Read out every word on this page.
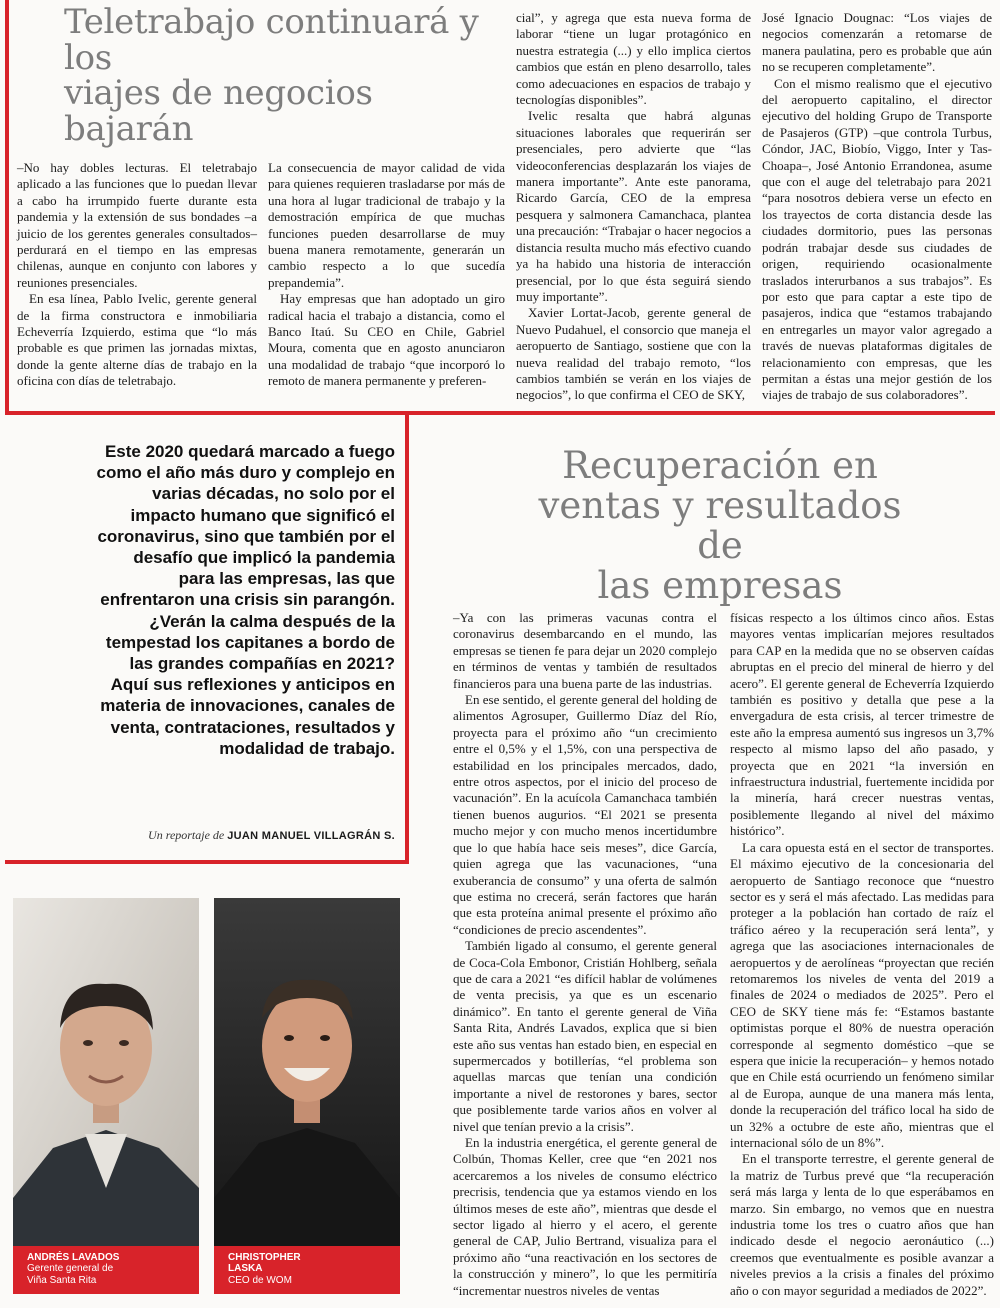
Teletrabajo continuará y los
viajes de negocios bajarán

–No hay dobles lecturas. El teletrabajo aplicado a las funciones que lo puedan llevar a cabo ha irrumpido fuerte durante esta pandemia y la extensión de sus bondades –a juicio de los gerentes generales consultados– perdurará en el tiempo en las empresas chilenas, aunque en conjunto con labores y reuniones presenciales.

En esa línea, Pablo Ivelic, gerente general de la firma constructora e inmobiliaria Echeverría Izquierdo, estima que “lo más probable es que primen las jornadas mixtas, donde la gente alterne días de trabajo en la oficina con días de teletrabajo.

La consecuencia de mayor calidad de vida para quienes requieren trasladarse por más de una hora al lugar tradicional de trabajo y la demostración empírica de que muchas funciones pueden desarrollarse de muy buena manera remotamente, generarán un cambio respecto a lo que sucedía prepandemia”.

Hay empresas que han adoptado un giro radical hacia el trabajo a distancia, como el Banco Itaú. Su CEO en Chile, Gabriel Moura, comenta que en agosto anunciaron una modalidad de trabajo “que incorporó lo remoto de manera permanente y preferen-

cial”, y agrega que esta nueva forma de laborar “tiene un lugar protagónico en nuestra estrategia (...) y ello implica ciertos cambios que están en pleno desarrollo, tales como adecuaciones en espacios de trabajo y tecnologías disponibles”.

Ivelic resalta que habrá algunas situaciones laborales que requerirán ser presenciales, pero advierte que “las videoconferencias desplazarán los viajes de manera importante”. Ante este panorama, Ricardo García, CEO de la empresa pesquera y salmonera Camanchaca, plantea una precaución: “Trabajar o hacer negocios a distancia resulta mucho más efectivo cuando ya ha habido una historia de interacción presencial, por lo que ésta seguirá siendo muy importante”.

Xavier Lortat-Jacob, gerente general de Nuevo Pudahuel, el consorcio que maneja el aeropuerto de Santiago, sostiene que con la nueva realidad del trabajo remoto, “los cambios también se verán en los viajes de negocios”, lo que confirma el CEO de SKY,

José Ignacio Dougnac: “Los viajes de negocios comenzarán a retomarse de manera paulatina, pero es probable que aún no se recuperen completamente”.

Con el mismo realismo que el ejecutivo del aeropuerto capitalino, el director ejecutivo del holding Grupo de Transporte de Pasajeros (GTP) –que controla Turbus, Cóndor, JAC, Biobío, Viggo, Inter y Tas-Choapa–, José Antonio Errandonea, asume que con el auge del teletrabajo para 2021 “para nosotros debiera verse un efecto en los trayectos de corta distancia desde las ciudades dormitorio, pues las personas podrán trabajar desde sus ciudades de origen, requiriendo ocasionalmente traslados interurbanos a sus trabajos”. Es por esto que para captar a este tipo de pasajeros, indica que “estamos trabajando en entregarles un mayor valor agregado a través de nuevas plataformas digitales de relacionamiento con empresas, que les permitan a éstas una mejor gestión de los viajes de trabajo de sus colaboradores”.

Este 2020 quedará marcado a fuego como el año más duro y complejo en varias décadas, no solo por el impacto humano que significó el coronavirus, sino que también por el desafío que implicó la pandemia para las empresas, las que enfrentaron una crisis sin parangón. ¿Verán la calma después de la tempestad los capitanes a bordo de las grandes compañías en 2021? Aquí sus reflexiones y anticipos en materia de innovaciones, canales de venta, contrataciones, resultados y modalidad de trabajo.
Un reportaje de JUAN MANUEL VILLAGRÁN S.
ANDRÉS LAVADOS
Gerente general de
Viña Santa Rita
CHRISTOPHER
LASKA
CEO de WOM
Recuperación en
ventas y resultados de
las empresas

–Ya con las primeras vacunas contra el coronavirus desembarcando en el mundo, las empresas se tienen fe para dejar un 2020 complejo en términos de ventas y también de resultados financieros para una buena parte de las industrias.

En ese sentido, el gerente general del holding de alimentos Agrosuper, Guillermo Díaz del Río, proyecta para el próximo año “un crecimiento entre el 0,5% y el 1,5%, con una perspectiva de estabilidad en los principales mercados, dado, entre otros aspectos, por el inicio del proceso de vacunación”. En la acuícola Camanchaca también tienen buenos augurios. “El 2021 se presenta mucho mejor y con mucho menos incertidumbre que lo que había hace seis meses”, dice García, quien agrega que las vacunaciones, “una exuberancia de consumo” y una oferta de salmón que estima no crecerá, serán factores que harán que esta proteína animal presente el próximo año “condiciones de precio ascendentes”.

También ligado al consumo, el gerente general de Coca-Cola Embonor, Cristián Hohlberg, señala que de cara a 2021 “es difícil hablar de volúmenes de venta precisis, ya que es un escenario dinámico”. En tanto el gerente general de Viña Santa Rita, Andrés Lavados, explica que si bien este año sus ventas han estado bien, en especial en supermercados y botillerías, “el problema son aquellas marcas que tenían una condición importante a nivel de restorones y bares, sector que posiblemente tarde varios años en volver al nivel que tenían previo a la crisis”.

En la industria energética, el gerente general de Colbún, Thomas Keller, cree que “en 2021 nos acercaremos a los niveles de consumo eléctrico precrisis, tendencia que ya estamos viendo en los últimos meses de este año”, mientras que desde el sector ligado al hierro y el acero, el gerente general de CAP, Julio Bertrand, visualiza para el próximo año “una reactivación en los sectores de la construcción y minero”, lo que les permitiría “incrementar nuestros niveles de ventas

físicas respecto a los últimos cinco años. Estas mayores ventas implicarían mejores resultados para CAP en la medida que no se observen caídas abruptas en el precio del mineral de hierro y del acero”. El gerente general de Echeverría Izquierdo también es positivo y detalla que pese a la envergadura de esta crisis, al tercer trimestre de este año la empresa aumentó sus ingresos un 3,7% respecto al mismo lapso del año pasado, y proyecta que en 2021 “la inversión en infraestructura industrial, fuertemente incidida por la minería, hará crecer nuestras ventas, posiblemente llegando al nivel del máximo histórico”.

La cara opuesta está en el sector de transportes. El máximo ejecutivo de la concesionaria del aeropuerto de Santiago reconoce que “nuestro sector es y será el más afectado. Las medidas para proteger a la población han cortado de raíz el tráfico aéreo y la recuperación será lenta”, y agrega que las asociaciones internacionales de aeropuertos y de aerolíneas “proyectan que recién retomaremos los niveles de venta del 2019 a finales de 2024 o mediados de 2025”. Pero el CEO de SKY tiene más fe: “Estamos bastante optimistas porque el 80% de nuestra operación corresponde al segmento doméstico –que se espera que inicie la recuperación– y hemos notado que en Chile está ocurriendo un fenómeno similar al de Europa, aunque de una manera más lenta, donde la recuperación del tráfico local ha sido de un 32% a octubre de este año, mientras que el internacional sólo de un 8%”.

En el transporte terrestre, el gerente general de la matriz de Turbus prevé que “la recuperación será más larga y lenta de lo que esperábamos en marzo. Sin embargo, no vemos que en nuestra industria tome los tres o cuatro años que han indicado desde el negocio aeronáutico (...) creemos que eventualmente es posible avanzar a niveles previos a la crisis a finales del próximo año o con mayor seguridad a mediados de 2022”.
